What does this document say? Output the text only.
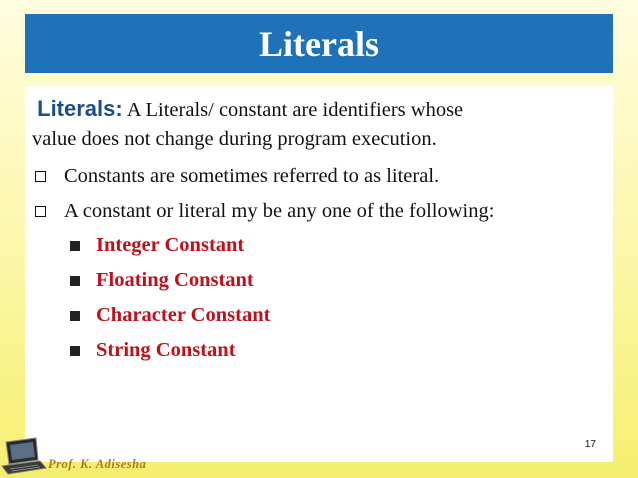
Literals
Literals: A Literals/ constant are identifiers whose
value does not change during program execution.
Constants are sometimes referred to as literal.
A constant or literal my be any one of the following:
Integer Constant
Floating Constant
Character Constant
String Constant
17
Prof. K. Adisesha
